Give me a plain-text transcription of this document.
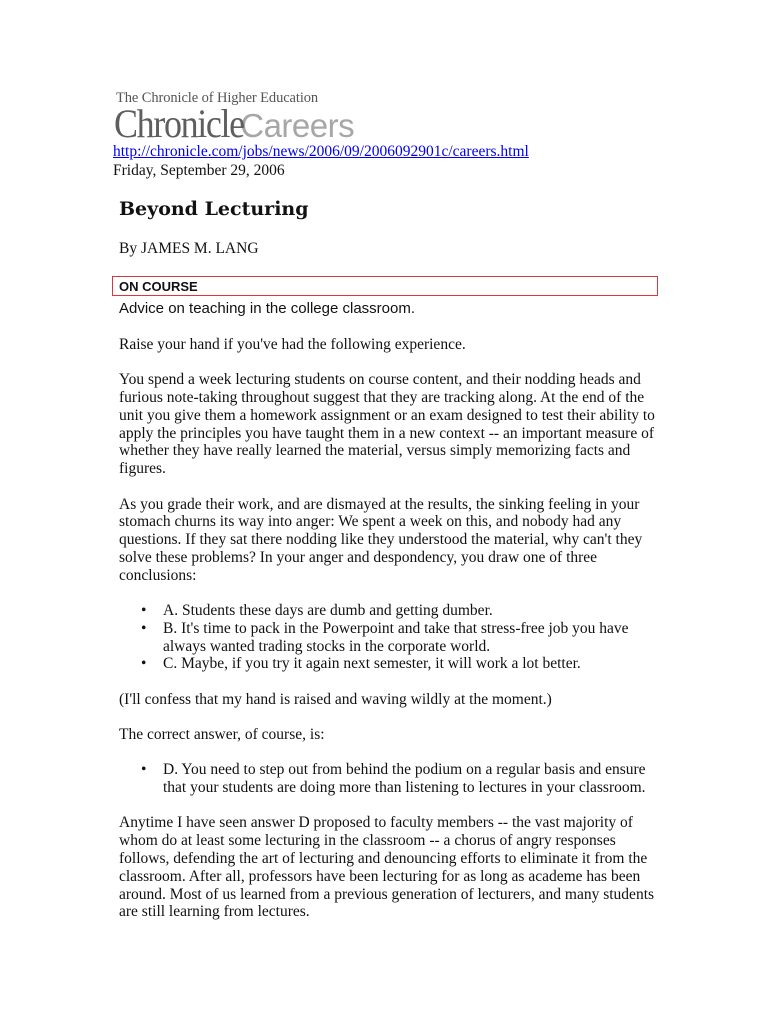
The Chronicle of Higher Education
ChronicleCareers
http://chronicle.com/jobs/news/2006/09/2006092901c/careers.html
Friday, September 29, 2006
Beyond Lecturing
By JAMES M. LANG
ON COURSE
Advice on teaching in the college classroom.

Raise your hand if you've had the following experience.

You spend a week lecturing students on course content, and their nodding heads and furious note-taking throughout suggest that they are tracking along. At the end of the unit you give them a homework assignment or an exam designed to test their ability to apply the principles you have taught them in a new context -- an important measure of whether they have really learned the material, versus simply memorizing facts and figures.

As you grade their work, and are dismayed at the results, the sinking feeling in your stomach churns its way into anger: We spent a week on this, and nobody had any questions. If they sat there nodding like they understood the material, why can't they solve these problems? In your anger and despondency, you draw one of three conclusions:

• A. Students these days are dumb and getting dumber.
• B. It's time to pack in the Powerpoint and take that stress-free job you have always wanted trading stocks in the corporate world.
• C. Maybe, if you try it again next semester, it will work a lot better.

(I'll confess that my hand is raised and waving wildly at the moment.)

The correct answer, of course, is:

• D. You need to step out from behind the podium on a regular basis and ensure that your students are doing more than listening to lectures in your classroom.

Anytime I have seen answer D proposed to faculty members -- the vast majority of whom do at least some lecturing in the classroom -- a chorus of angry responses follows, defending the art of lecturing and denouncing efforts to eliminate it from the classroom. After all, professors have been lecturing for as long as academe has been around. Most of us learned from a previous generation of lecturers, and many students are still learning from lectures.
